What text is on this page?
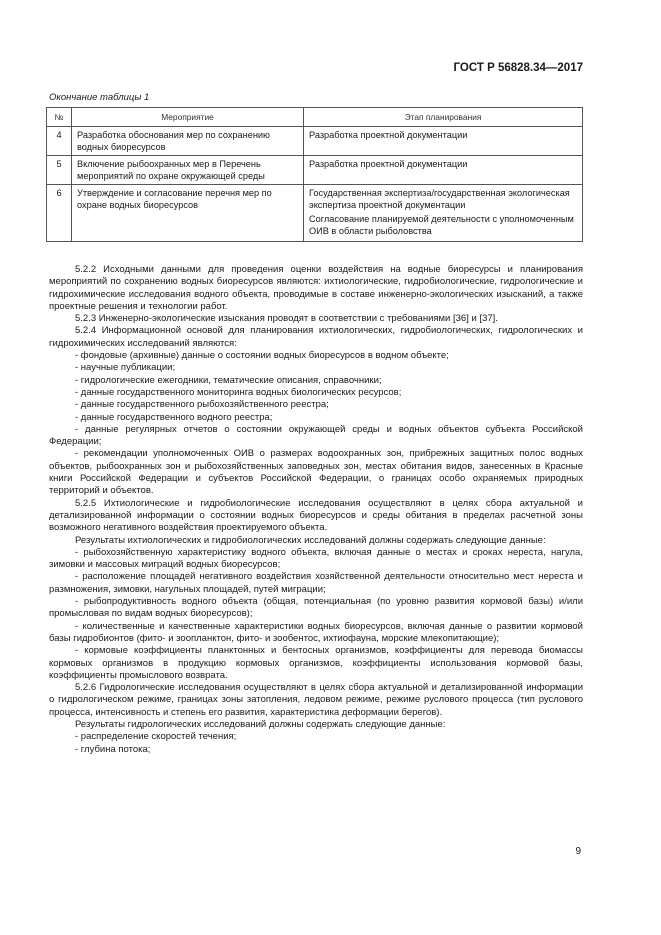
ГОСТ Р 56828.34—2017
Окончание таблицы 1
№	Мероприятие	Этап планирования
4	Разработка обоснования мер по сохранению водных биоресурсов	Разработка проектной документации

5	Включение рыбоохранных мер в Перечень мероприятий по охране окружающей среды	Разработка проектной документации

6	Утверждение и согласование перечня мер по охране водных биоресурсов	Государственная экспертиза/государственная экологическая экспертиза проектной документации
Согласование планируемой деятельности с уполномоченным ОИВ в области рыболовства

5.2.2 Исходными данными для проведения оценки воздействия на водные биоресурсы и планирования мероприятий по сохранению водных биоресурсов являются: ихтиологические, гидробиологические, гидрологические и гидрохимические исследования водного объекта, проводимые в составе инженерно-экологических изысканий, а также проектные решения и технологии работ.

5.2.3 Инженерно-экологические изыскания проводят в соответствии с требованиями [36] и [37].

5.2.4 Информационной основой для планирования ихтиологических, гидробиологических, гидрологических и гидрохимических исследований являются:

- фондовые (архивные) данные о состоянии водных биоресурсов в водном объекте;

- научные публикации;

- гидрологические ежегодники, тематические описания, справочники;

- данные государственного мониторинга водных биологических ресурсов;

- данные государственного рыбохозяйственного реестра;

- данные государственного водного реестра;

- данные регулярных отчетов о состоянии окружающей среды и водных объектов субъекта Российской Федерации;

- рекомендации уполномоченных ОИВ о размерах водоохранных зон, прибрежных защитных полос водных объектов, рыбоохранных зон и рыбохозяйственных заповедных зон, местах обитания видов, занесенных в Красные книги Российской Федерации и субъектов Российской Федерации, о границах особо охраняемых природных территорий и объектов.

5.2.5 Ихтиологические и гидробиологические исследования осуществляют в целях сбора актуальной и детализированной информации о состоянии водных биоресурсов и среды обитания в пределах расчетной зоны возможного негативного воздействия проектируемого объекта.

Результаты ихтиологических и гидробиологических исследований должны содержать следующие данные:

- рыбохозяйственную характеристику водного объекта, включая данные о местах и сроках нереста, нагула, зимовки и массовых миграций водных биоресурсов;

- расположение площадей негативного воздействия хозяйственной деятельности относительно мест нереста и размножения, зимовки, нагульных площадей, путей миграции;

- рыбопродуктивность водного объекта (общая, потенциальная (по уровню развития кормовой базы) и/или промысловая по видам водных биоресурсов);

- количественные и качественные характеристики водных биоресурсов, включая данные о развитии кормовой базы гидробионтов (фито- и зоопланктон, фито- и зообентос, ихтиофауна, морские млекопитающие);

- кормовые коэффициенты планктонных и бентосных организмов, коэффициенты для перевода биомассы кормовых организмов в продукцию кормовых организмов, коэффициенты использования кормовой базы, коэффициенты промыслового возврата.

5.2.6 Гидрологические исследования осуществляют в целях сбора актуальной и детализированной информации о гидрологическом режиме, границах зоны затопления, ледовом режиме, режиме руслового процесса (тип руслового процесса, интенсивность и степень его развития, характеристика деформации берегов).

Результаты гидрологических исследований должны содержать следующие данные:

- распределение скоростей течения;

- глубина потока;

9
